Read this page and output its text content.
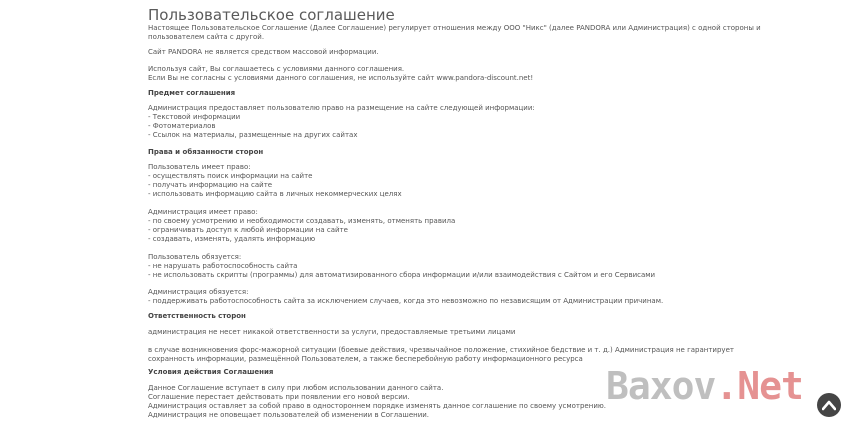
Пользовательское соглашение
Настоящее Пользовательское Соглашение (Далее Соглашение) регулирует отношения между ООО "Никс" (далее PANDORA или Администрация) с одной стороны и
пользователем сайта с другой.
Сайт PANDORA не является средством массовой информации.
Используя сайт, Вы соглашаетесь с условиями данного соглашения.
Если Вы не согласны с условиями данного соглашения, не используйте сайт www.pandora-discount.net!
Предмет соглашения
Администрация предоставляет пользователю право на размещение на сайте следующей информации:
- Текстовой информации
- Фотоматериалов
- Ссылок на материалы, размещенные на других сайтах
Права и обязанности сторон
Пользователь имеет право:
- осуществлять поиск информации на сайте
- получать информацию на сайте
- использовать информацию сайта в личных некоммерческих целях
Администрация имеет право:
- по своему усмотрению и необходимости создавать, изменять, отменять правила
- ограничивать доступ к любой информации на сайте
- создавать, изменять, удалять информацию
Пользователь обязуется:
- не нарушать работоспособность сайта
- не использовать скрипты (программы) для автоматизированного сбора информации и/или взаимодействия с Сайтом и его Сервисами
Администрация обязуется:
- поддерживать работоспособность сайта за исключением случаев, когда это невозможно по независящим от Администрации причинам.
Ответственность сторон
администрация не несет никакой ответственности за услуги, предоставляемые третьими лицами
в случае возникновения форс-мажорной ситуации (боевые действия, чрезвычайное положение, стихийное бедствие и т. д.) Администрация не гарантирует
сохранность информации, размещённой Пользователем, а также бесперебойную работу информационного ресурса
Условия действия Соглашения
Данное Соглашение вступает в силу при любом использовании данного сайта.
Соглашение перестает действовать при появлении его новой версии.
Администрация оставляет за собой право в одностороннем порядке изменять данное соглашение по своему усмотрению.
Администрация не оповещает пользователей об изменении в Соглашении.
Baxov.Net
